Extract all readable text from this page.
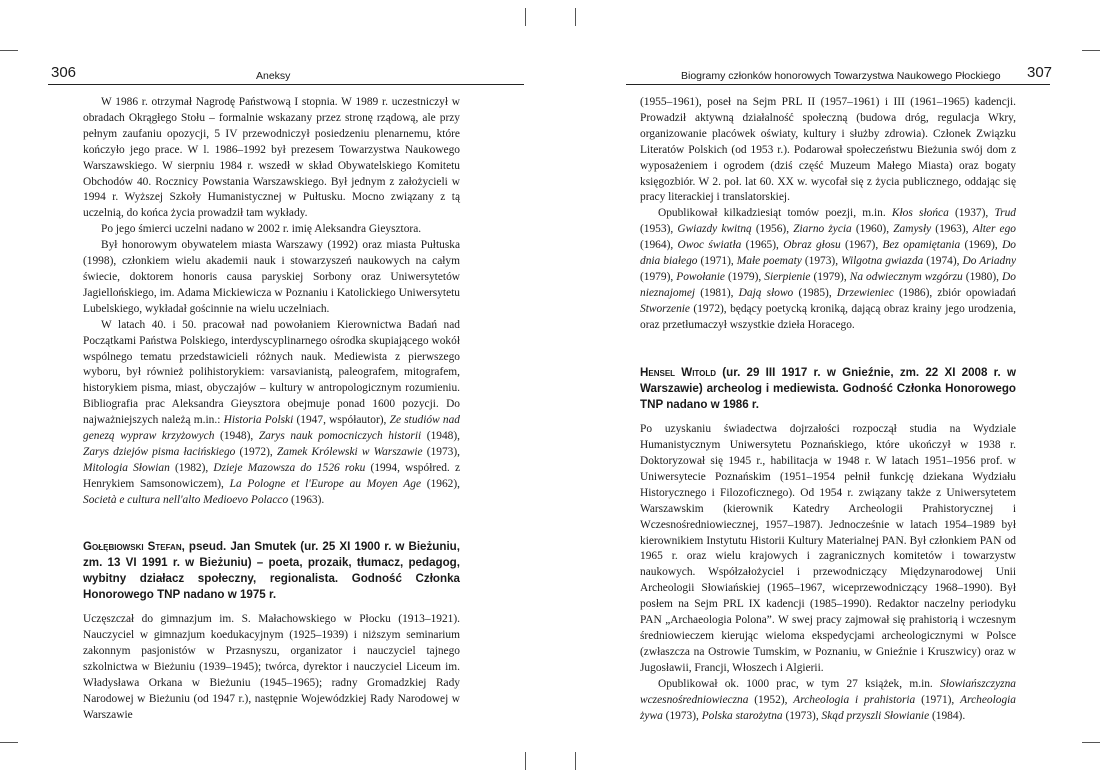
306	Aneksy

W 1986 r. otrzymał Nagrodę Państwową I stopnia. W 1989 r. uczestniczył w obradach Okrągłego Stołu – formalnie wskazany przez stronę rządową, ale przy pełnym zaufaniu opozycji, 5 IV przewodniczył posiedzeniu plenarnemu, które kończyło jego prace. W l. 1986–1992 był prezesem Towarzystwa Naukowego Warszawskiego. W sierpniu 1984 r. wszedł w skład Obywatelskiego Komitetu Obchodów 40. Rocznicy Powstania Warszawskiego. Był jednym z założycieli w 1994 r. Wyższej Szkoły Humanistycznej w Pułtusku. Mocno związany z tą uczelnią, do końca życia prowadził tam wykłady.

Po jego śmierci uczelni nadano w 2002 r. imię Aleksandra Gieysztora.

Był honorowym obywatelem miasta Warszawy (1992) oraz miasta Pułtuska (1998), członkiem wielu akademii nauk i stowarzyszeń naukowych na całym świecie, doktorem honoris causa paryskiej Sorbony oraz Uniwersytetów Jagiellońskiego, im. Adama Mickiewicza w Poznaniu i Katolickiego Uniwersytetu Lubelskiego, wykładał gościnnie na wielu uczelniach.

W latach 40. i 50. pracował nad powołaniem Kierownictwa Badań nad Początkami Państwa Polskiego, interdyscyplinarnego ośrodka skupiającego wokół wspólnego tematu przedstawicieli różnych nauk. Mediewista z pierwszego wyboru, był również polihistorykiem: varsavianistą, paleografem, mitografem, historykiem pisma, miast, obyczajów – kultury w antropologicznym rozumieniu. Bibliografia prac Aleksandra Gieysztora obejmuje ponad 1600 pozycji. Do najważniejszych należą m.in.: Historia Polski (1947, współautor), Ze studiów nad genezą wypraw krzyżowych (1948), Zarys nauk pomocniczych historii (1948), Zarys dziejów pisma łacińskiego (1972), Zamek Królewski w Warszawie (1973), Mitologia Słowian (1982), Dzieje Mazowsza do 1526 roku (1994, współred. z Henrykiem Samsonowiczem), La Pologne et l'Europe au Moyen Age (1962), Società e cultura nell'alto Medioevo Polacco (1963).

Gołębiowski Stefan, pseud. Jan Smutek (ur. 25 XI 1900 r. w Bieżuniu, zm. 13 VI 1991 r. w Bieżuniu) – poeta, prozaik, tłumacz, pedagog, wybitny działacz społeczny, regionalista. Godność Członka Honorowego TNP nadano w 1975 r.

Uczęszczał do gimnazjum im. S. Małachowskiego w Płocku (1913–1921). Nauczyciel w gimnazjum koedukacyjnym (1925–1939) i niższym seminarium zakonnym pasjonistów w Przasnyszu, organizator i nauczyciel tajnego szkolnictwa w Bieżuniu (1939–1945); twórca, dyrektor i nauczyciel Liceum im. Władysława Orkana w Bieżuniu (1945–1965); radny Gromadzkiej Rady Narodowej w Bieżuniu (od 1947 r.), następnie Wojewódzkiej Rady Narodowej w Warszawie

Biogramy członków honorowych Towarzystwa Naukowego Płockiego 307

(1955–1961), poseł na Sejm PRL II (1957–1961) i III (1961–1965) kadencji. Prowadził aktywną działalność społeczną (budowa dróg, regulacja Wkry, organizowanie placówek oświaty, kultury i służby zdrowia). Członek Związku Literatów Polskich (od 1953 r.). Podarował społeczeństwu Bieżunia swój dom z wyposażeniem i ogrodem (dziś część Muzeum Małego Miasta) oraz bogaty księgozbiór. W 2. poł. lat 60. XX w. wycofał się z życia publicznego, oddając się pracy literackiej i translatorskiej.

Opublikował kilkadziesiąt tomów poezji, m.in. Kłos słońca (1937), Trud (1953), Gwiazdy kwitną (1956), Ziarno życia (1960), Zamysły (1963), Alter ego (1964), Owoc światła (1965), Obraz głosu (1967), Bez opamiętania (1969), Do dnia białego (1971), Małe poematy (1973), Wilgotna gwiazda (1974), Do Ariadny (1979), Powołanie (1979), Sierpienie (1979), Na odwiecznym wzgórzu (1980), Do nieznajomej (1981), Dają słowo (1985), Drzewieniec (1986), zbiór opowiadań Stworzenie (1972), będący poetycką kroniką, dającą obraz krainy jego urodzenia, oraz przetłumaczył wszystkie dzieła Horacego.

Hensel Witold (ur. 29 III 1917 r. w Gnieźnie, zm. 22 XI 2008 r. w Warszawie) archeolog i mediewista. Godność Członka Honorowego TNP nadano w 1986 r.

Po uzyskaniu świadectwa dojrzałości rozpoczął studia na Wydziale Humanistycznym Uniwersytetu Poznańskiego, które ukończył w 1938 r. Doktoryzował się 1945 r., habilitacja w 1948 r. W latach 1951–1956 prof. w Uniwersytecie Poznańskim (1951–1954 pełnił funkcję dziekana Wydziału Historycznego i Filozoficznego). Od 1954 r. związany także z Uniwersytetem Warszawskim (kierownik Katedry Archeologii Prahistorycznej i Wczesnośredniowiecznej, 1957–1987). Jednocześnie w latach 1954–1989 był kierownikiem Instytutu Historii Kultury Materialnej PAN. Był członkiem PAN od 1965 r. oraz wielu krajowych i zagranicznych komitetów i towarzystw naukowych. Współzałożyciel i przewodniczący Międzynarodowej Unii Archeologii Słowiańskiej (1965–1967, wiceprzewodniczący 1968–1990). Był posłem na Sejm PRL IX kadencji (1985–1990). Redaktor naczelny periodyku PAN „Archaeologia Polona”. W swej pracy zajmował się prahistorią i wczesnym średniowieczem kierując wieloma ekspedycjami archeologicznymi w Polsce (zwłaszcza na Ostrowie Tumskim, w Poznaniu, w Gnieźnie i Kruszwicy) oraz w Jugosławii, Francji, Włoszech i Algierii.

Opublikował ok. 1000 prac, w tym 27 książek, m.in. Słowiańszczyzna wczesnośredniowieczna (1952), Archeologia i prahistoria (1971), Archeologia żywa (1973), Polska starożytna (1973), Skąd przyszli Słowianie (1984).
